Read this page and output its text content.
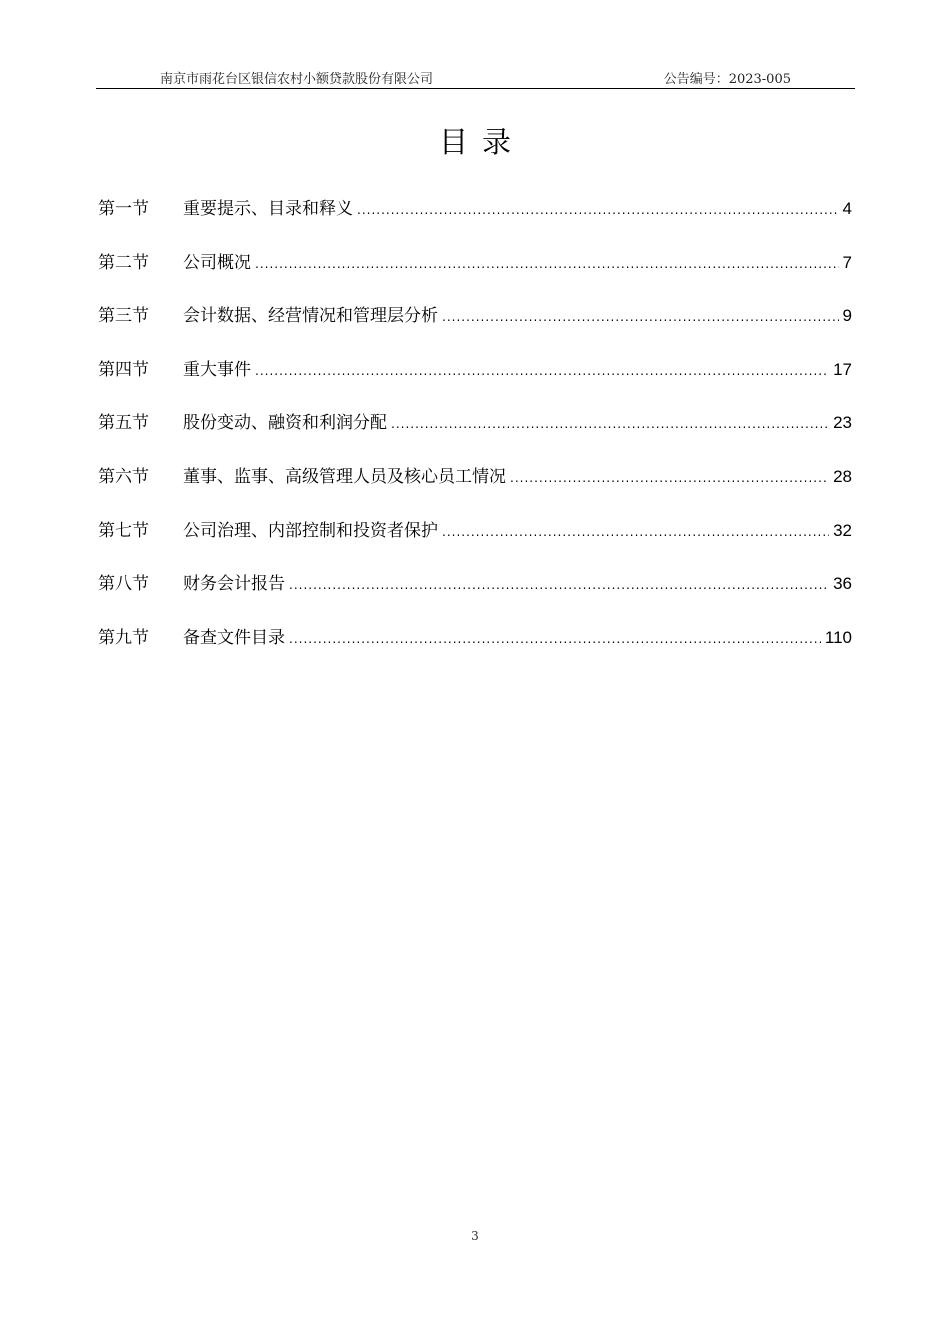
南京市雨花台区银信农村小额贷款股份有限公司	公告编号：2023-005
目录
第一节	重要提示、目录和释义 .....	4
第二节	公司概况 .....	7
第三节	会计数据、经营情况和管理层分析 .....	9
第四节	重大事件 .....	17
第五节	股份变动、融资和利润分配 .....	23
第六节	董事、监事、高级管理人员及核心员工情况 .....	28
第七节	公司治理、内部控制和投资者保护 .....	32
第八节	财务会计报告 .....	36
第九节	备查文件目录 .....	110
3
